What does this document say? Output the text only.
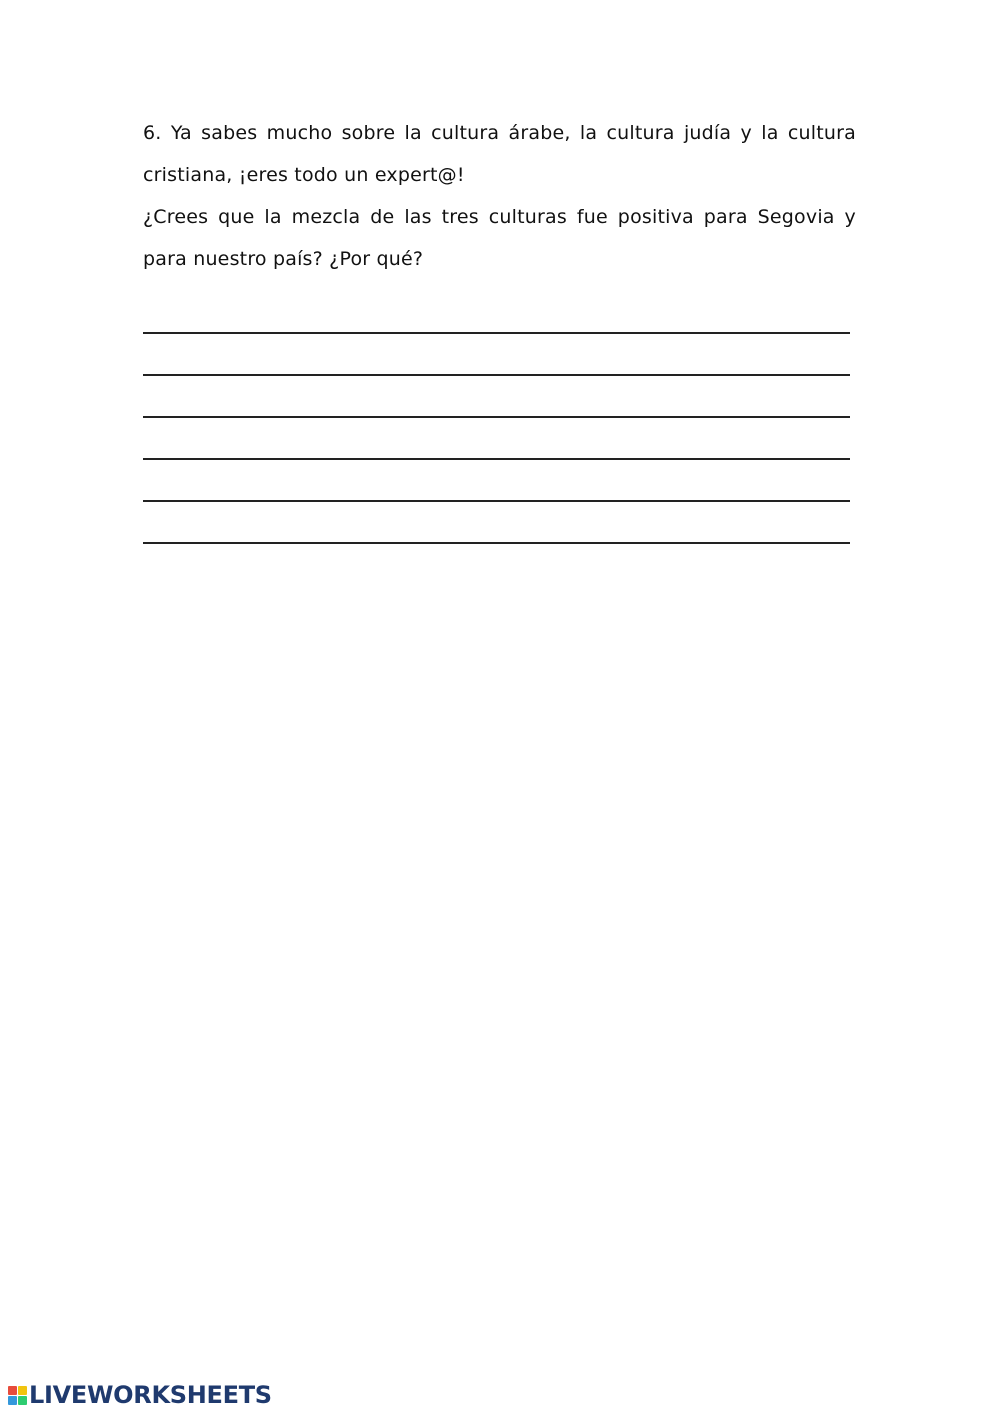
6. Ya sabes mucho sobre la cultura árabe, la cultura judía y la cultura cristiana, ¡eres todo un expert@!

¿Crees que la mezcla de las tres culturas fue positiva para Segovia y para nuestro país? ¿Por qué?

LIVEWORKSHEETS
